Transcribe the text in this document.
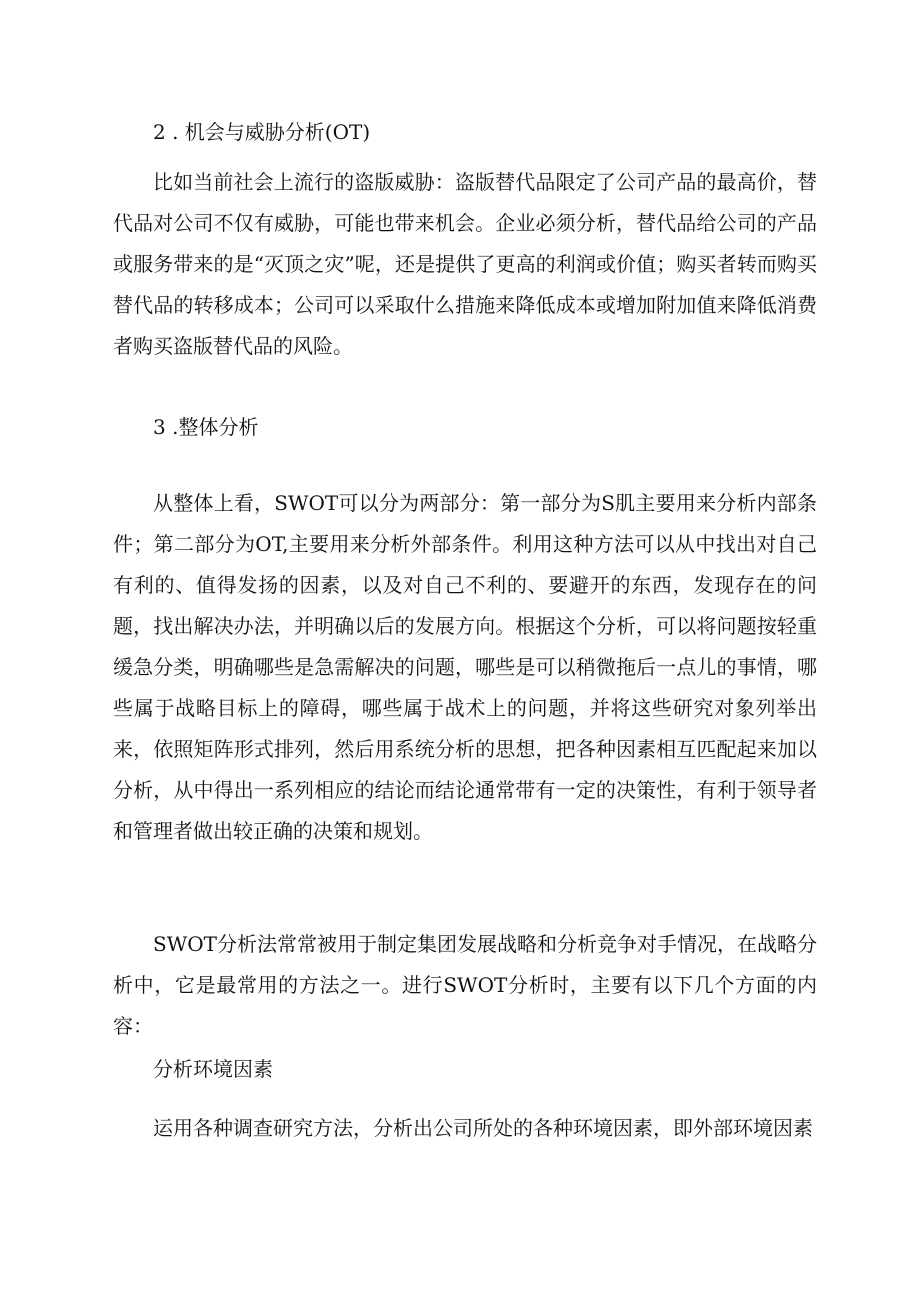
2 . 机会与威胁分析(OT)

比如当前社会上流行的盗版威胁：盗版替代品限定了公司产品的最高价，替代品对公司不仅有威胁，可能也带来机会。企业必须分析，替代品给公司的产品或服务带来的是“灭顶之灾”呢，还是提供了更高的利润或价值；购买者转而购买替代品的转移成本；公司可以采取什么措施来降低成本或增加附加值来降低消费者购买盗版替代品的风险。

3 .整体分析

从整体上看，SWOT可以分为两部分：第一部分为S肌主要用来分析内部条件；第二部分为OT,主要用来分析外部条件。利用这种方法可以从中找出对自己有利的、值得发扬的因素，以及对自己不利的、要避开的东西，发现存在的问题，找出解决办法，并明确以后的发展方向。根据这个分析，可以将问题按轻重缓急分类，明确哪些是急需解决的问题，哪些是可以稍微拖后一点儿的事情，哪些属于战略目标上的障碍，哪些属于战术上的问题，并将这些研究对象列举出来，依照矩阵形式排列，然后用系统分析的思想，把各种因素相互匹配起来加以分析，从中得出一系列相应的结论而结论通常带有一定的决策性，有利于领导者和管理者做出较正确的决策和规划。

SWOT分析法常常被用于制定集团发展战略和分析竞争对手情况，在战略分析中，它是最常用的方法之一。进行SWOT分析时，主要有以下几个方面的内容：

分析环境因素

运用各种调查研究方法，分析出公司所处的各种环境因素，即外部环境因素
